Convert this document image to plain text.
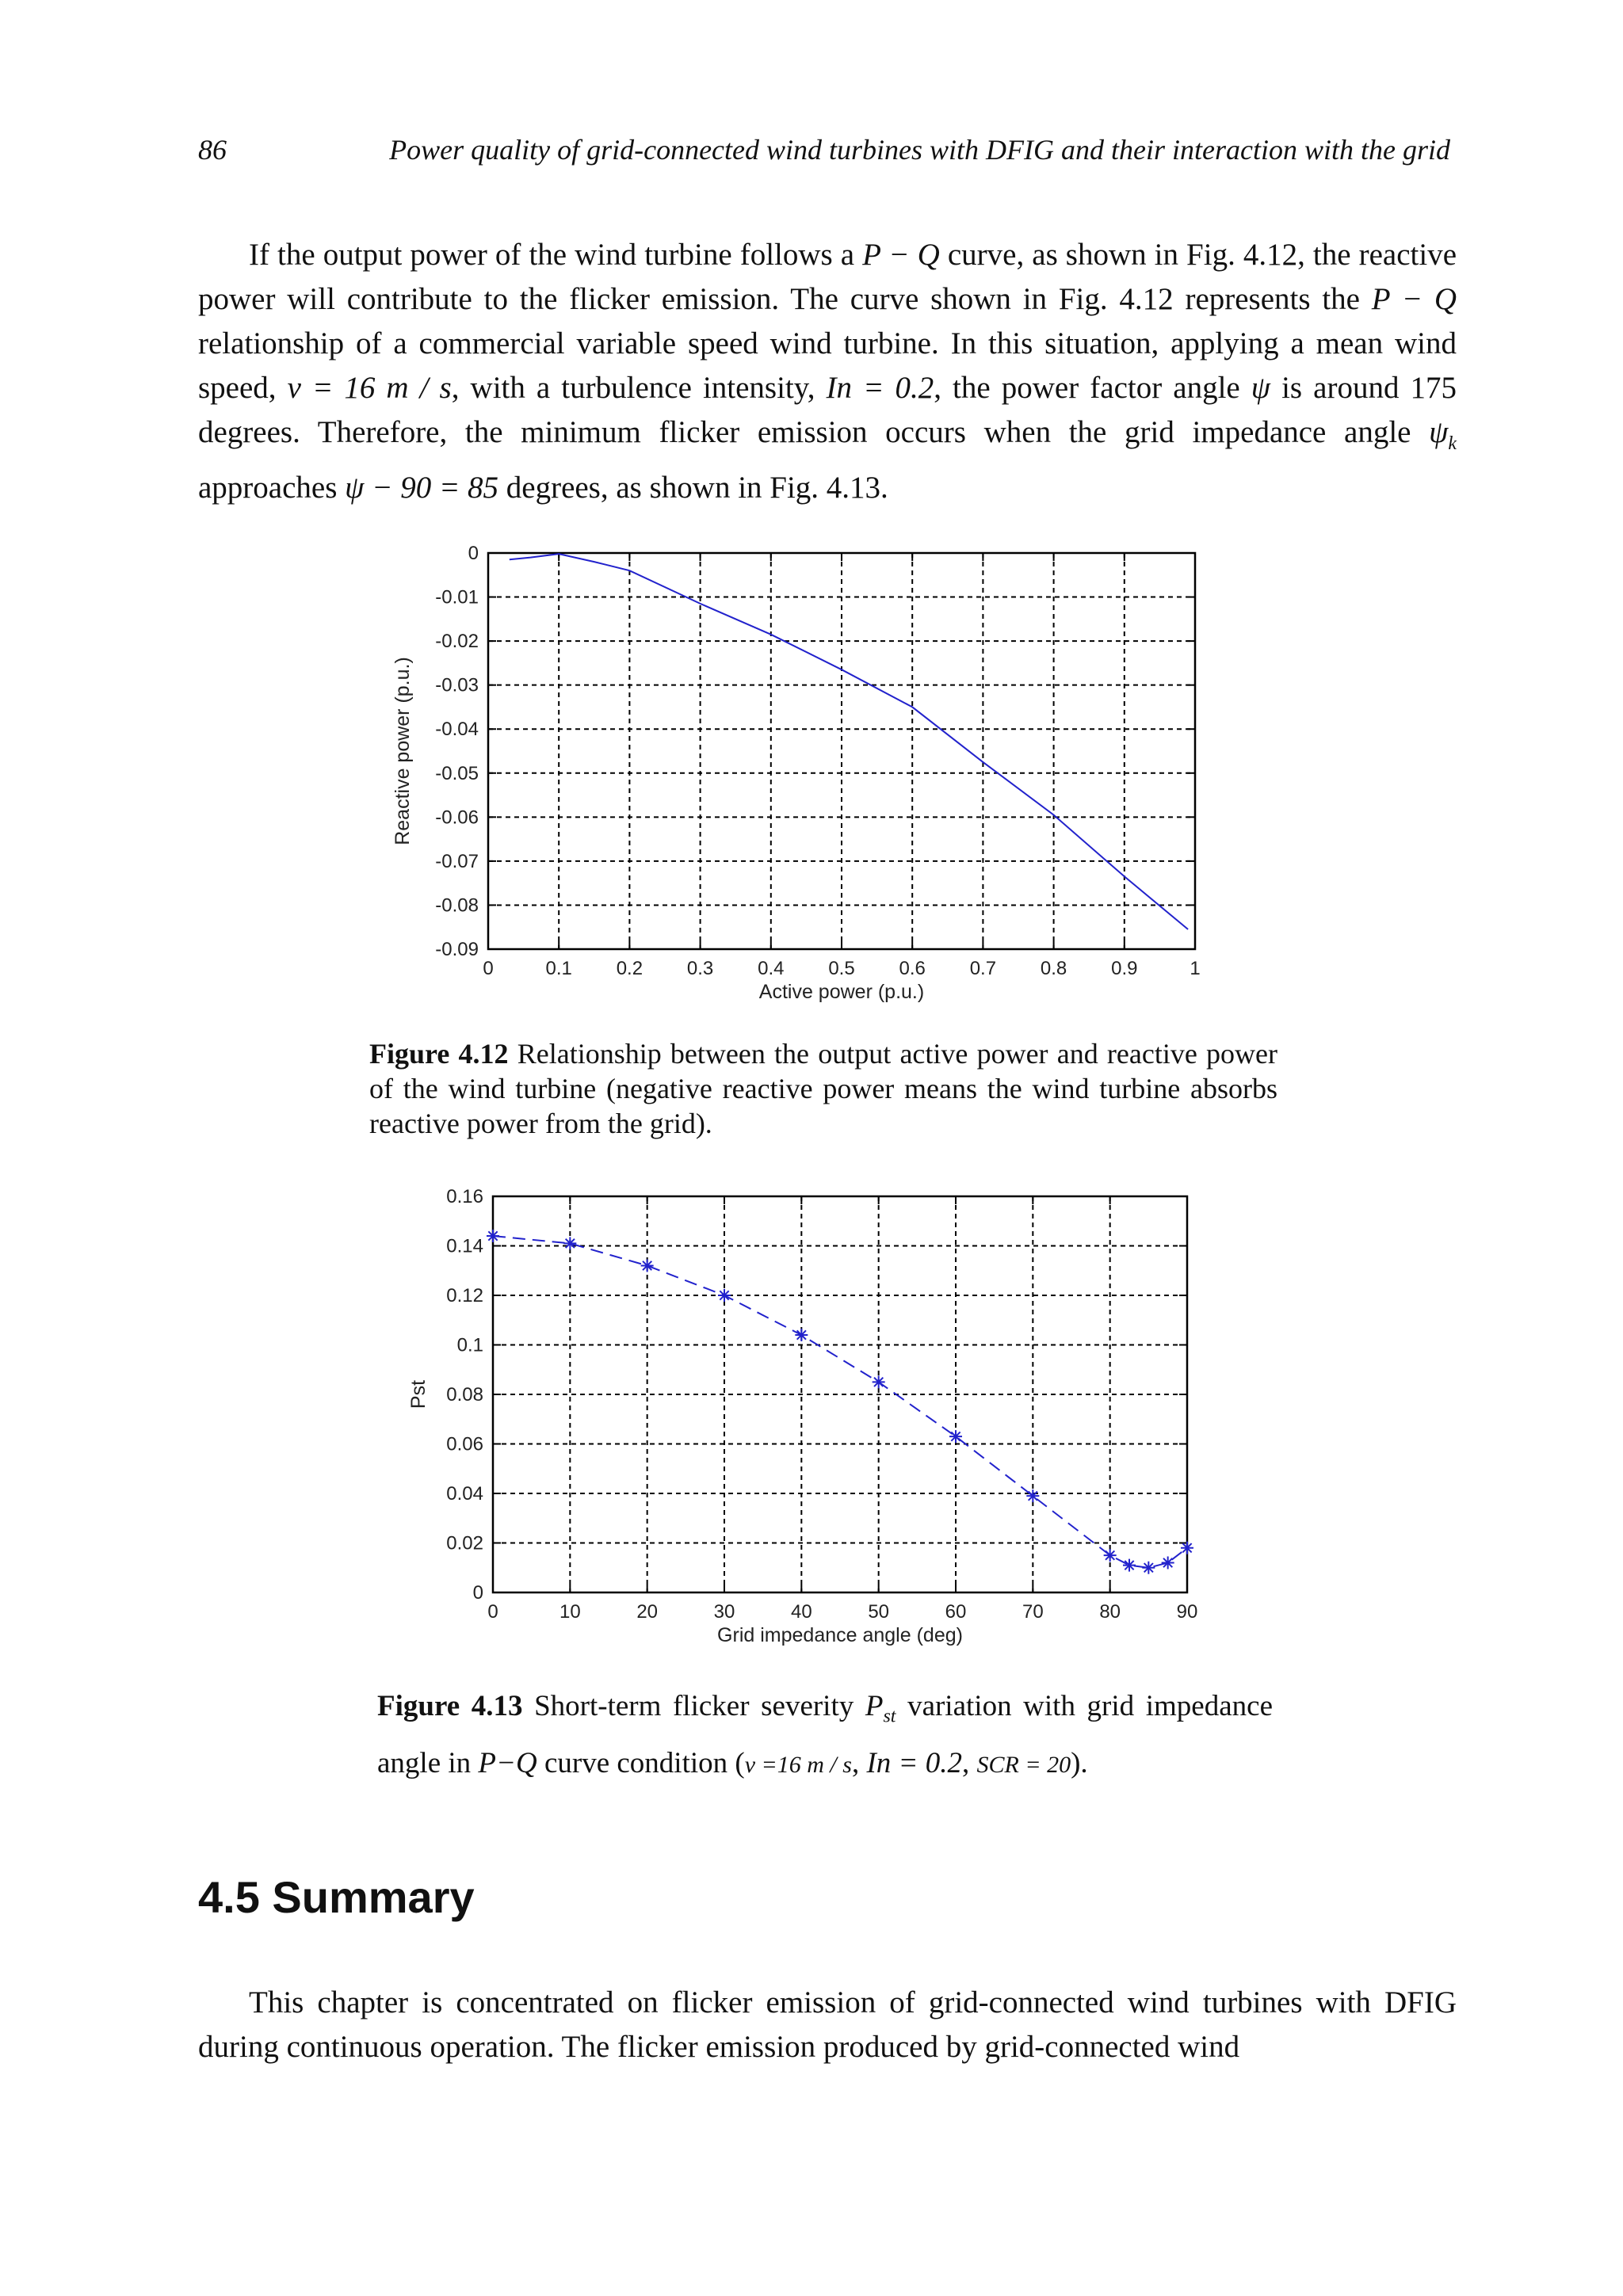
86	Power quality of grid-connected wind turbines with DFIG and their interaction with the grid

If the output power of the wind turbine follows a P − Q curve, as shown in Fig. 4.12, the reactive power will contribute to the flicker emission. The curve shown in Fig. 4.12 represents the P − Q relationship of a commercial variable speed wind turbine. In this situation, applying a mean wind speed, v = 16 m / s, with a turbulence intensity, In = 0.2, the power factor angle ψ is around 175 degrees. Therefore, the minimum flicker emission occurs when the grid impedance angle $\psi_k$ approaches ψ − 90 = 85 degrees, as shown in Fig. 4.13.

0	0.1 0.2 0.3 0.4 0.5 0.6 0.7 0.8 0.9	1
0
-0.01
-0.02
-0.03
-0.04
-0.05
-0.06
-0.07
-0.08
-0.09
Active power (p.u.)
Reactive power (p.u.)
Figure 4.12 Relationship between the output active power and reactive power of the wind turbine (negative reactive power means the wind turbine absorbs reactive power from the grid).
0	10	20	30	40	50	60	70	80	90
0
0.02
0.04
0.06
0.08
0.1
0.12
0.14
0.16
Grid impedance angle (deg)
Pst
Figure 4.13 Short-term flicker severity $P_{st}$ variation with grid impedance angle in P−Q curve condition (v =16 m / s, In = 0.2, SCR = 20).
4.5 Summary

This chapter is concentrated on flicker emission of grid-connected wind turbines with DFIG during continuous operation. The flicker emission produced by grid-connected wind
